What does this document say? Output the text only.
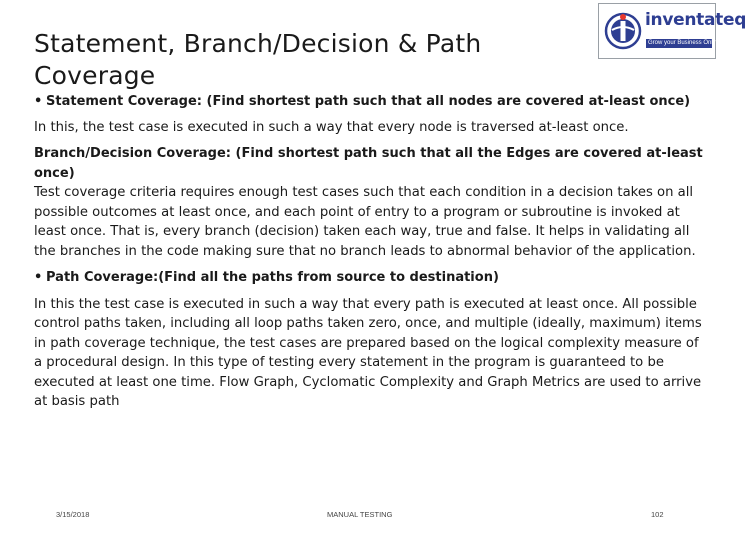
Statement, Branch/Decision & Path Coverage
inventateq
Grow your Business Online
• Statement Coverage: (Find shortest path such that all nodes are covered at-least once)

In this, the test case is executed in such a way that every node is traversed at-least once.

Branch/Decision Coverage: (Find shortest path such that all the Edges are covered at-least once)

Test coverage criteria requires enough test cases such that each condition in a decision takes on all possible outcomes at least once, and each point of entry to a program or subroutine is invoked at least once. That is, every branch (decision) taken each way, true and false. It helps in validating all the branches in the code making sure that no branch leads to abnormal behavior of the application.

• Path Coverage:(Find all the paths from source to destination)

In this the test case is executed in such a way that every path is executed at least once. All possible control paths taken, including all loop paths taken zero, once, and multiple (ideally, maximum) items in path coverage technique, the test cases are prepared based on the logical complexity measure of a procedural design. In this type of testing every statement in the program is guaranteed to be executed at least one time. Flow Graph, Cyclomatic Complexity and Graph Metrics are used to arrive at basis path

3/15/2018	MANUAL TESTING	102
